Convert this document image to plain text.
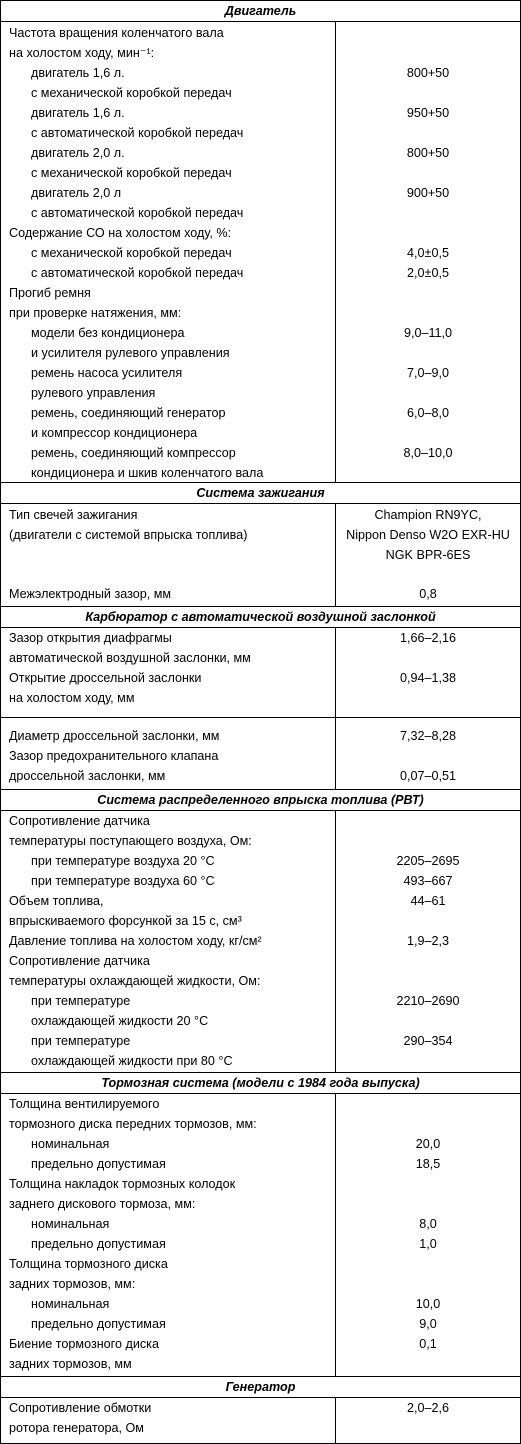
Двигатель
Частота вращения коленчатого вала
на холостом ходу, мин⁻¹:
двигатель 1,6 л.
с механической коробкой передач
двигатель 1,6 л.
с автоматической коробкой передач
двигатель 2,0 л.
с механической коробкой передач
двигатель 2,0 л
с автоматической коробкой передач
Содержание СО на холостом ходу, %:
с механической коробкой передач
с автоматической коробкой передач
Прогиб ремня
при проверке натяжения, мм:
модели без кондиционера
и усилителя рулевого управления
ремень насоса усилителя
рулевого управления
ремень, соединяющий генератор
и компрессор кондиционера
ремень, соединяющий компрессор
кондиционера и шкив коленчатого вала
800+50
950+50
800+50
900+50
4,0±0,5
2,0±0,5
9,0–11,0
7,0–9,0
6,0–8,0
8,0–10,0
Система зажигания
Тип свечей зажигания
(двигатели с системой впрыска топлива)
Межэлектродный зазор, мм
Champion RN9YC,
Nippon Denso W2O EXR-HU
NGK BPR-6ES
0,8
Карбюратор с автоматической воздушной заслонкой
Зазор открытия диафрагмы
автоматической воздушной заслонки, мм
Открытие дроссельной заслонки
на холостом ходу, мм
1,66–2,16
0,94–1,38
Диаметр дроссельной заслонки, мм
Зазор предохранительного клапана
дроссельной заслонки, мм
7,32–8,28
0,07–0,51
Система распределенного впрыска топлива (РВТ)
Сопротивление датчика
температуры поступающего воздуха, Ом:
при температуре воздуха 20 °С
при температуре воздуха 60 °С
Объем топлива,
впрыскиваемого форсункой за 15 с, см³
Давление топлива на холостом ходу, кг/см²
Сопротивление датчика
температуры охлаждающей жидкости, Ом:
при температуре
охлаждающей жидкости 20 °С
при температуре
охлаждающей жидкости при 80 °С
2205–2695
493–667
44–61
1,9–2,3
2210–2690
290–354
Тормозная система (модели с 1984 года выпуска)
Толщина вентилируемого
тормозного диска передних тормозов, мм:
номинальная
предельно допустимая
Толщина накладок тормозных колодок
заднего дискового тормоза, мм:
номинальная
предельно допустимая
Толщина тормозного диска
задних тормозов, мм:
номинальная
предельно допустимая
Биение тормозного диска
задних тормозов, мм
20,0
18,5
8,0
1,0
10,0
9,0
0,1
Генератор
Сопротивление обмотки
ротора генератора, Ом
2,0–2,6
